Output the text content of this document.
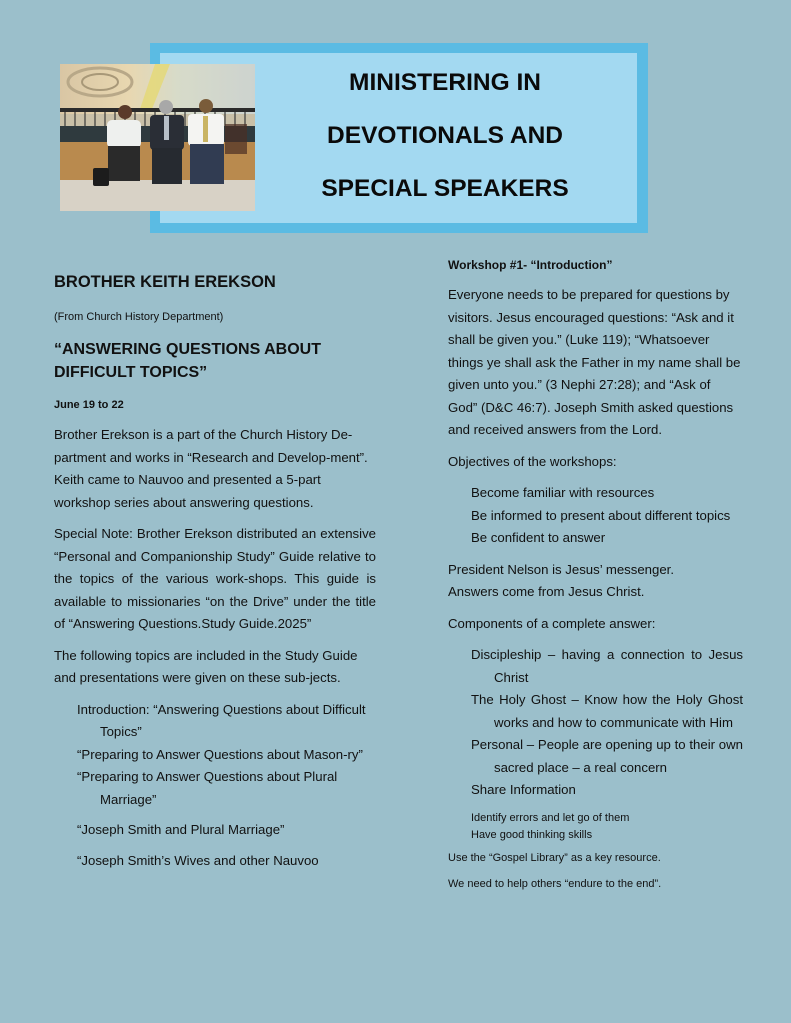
MINISTERING IN
DEVOTIONALS AND
SPECIAL SPEAKERS
BROTHER KEITH EREKSON
(From Church History Department)
“ANSWERING QUESTIONS ABOUT DIFFICULT TOPICS”
June 19 to 22

Brother Erekson is a part of the Church History De-partment and works in “Research and Develop-ment”. Keith came to Nauvoo and presented a 5-part workshop series about answering questions.

Special Note: Brother Erekson distributed an extensive “Personal and Companionship Study” Guide relative to the topics of the various work-shops. This guide is available to missionaries “on the Drive” under the title of “Answering Questions.Study Guide.2025”

The following topics are included in the Study Guide and presentations were given on these sub-jects.

Introduction: “Answering Questions about Difficult Topics”
“Preparing to Answer Questions about Mason-ry”
“Preparing to Answer Questions about Plural Marriage”
“Joseph Smith and Plural Marriage”
“Joseph Smith’s Wives and other Nauvoo
Workshop #1- “Introduction”

Everyone needs to be prepared for questions by visitors. Jesus encouraged questions: “Ask and it shall be given you.” (Luke 119); “Whatsoever things ye shall ask the Father in my name shall be given unto you.” (3 Nephi 27:28); and “Ask of God” (D&C 46:7). Joseph Smith asked questions and received answers from the Lord.

Objectives of the workshops:

Become familiar with resources
Be informed to present about different topics
Be confident to answer

President Nelson is Jesus’ messenger.
Answers come from Jesus Christ.

Components of a complete answer:

Discipleship – having a connection to Jesus Christ
The Holy Ghost – Know how the Holy Ghost works and how to communicate with Him
Personal – People are opening up to their own sacred place – a real concern
Share Information
Identify errors and let go of them
Have good thinking skills

Use the “Gospel Library” as a key resource.

We need to help others “endure to the end”.
